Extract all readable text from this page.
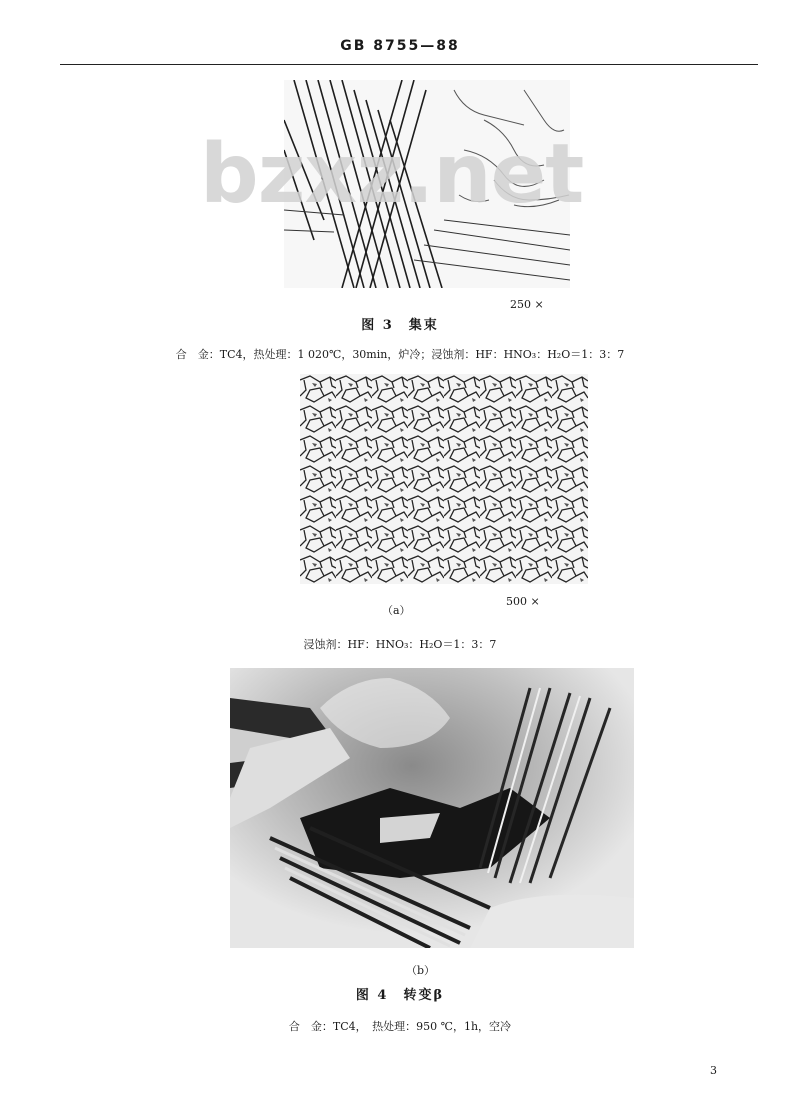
GB 8755—88
bzxz.net
250 ×
图 3　集束
合　金：TC4，热处理：1 020℃，30min，炉冷；浸蚀剂：HF：HNO₃：H₂O＝1：3：7
（a）
500 ×
浸蚀剂：HF：HNO₃：H₂O＝1：3：7
（b）
图 4　转变β
合　金：TC4，　热处理：950 ℃，1h，空冷
3
